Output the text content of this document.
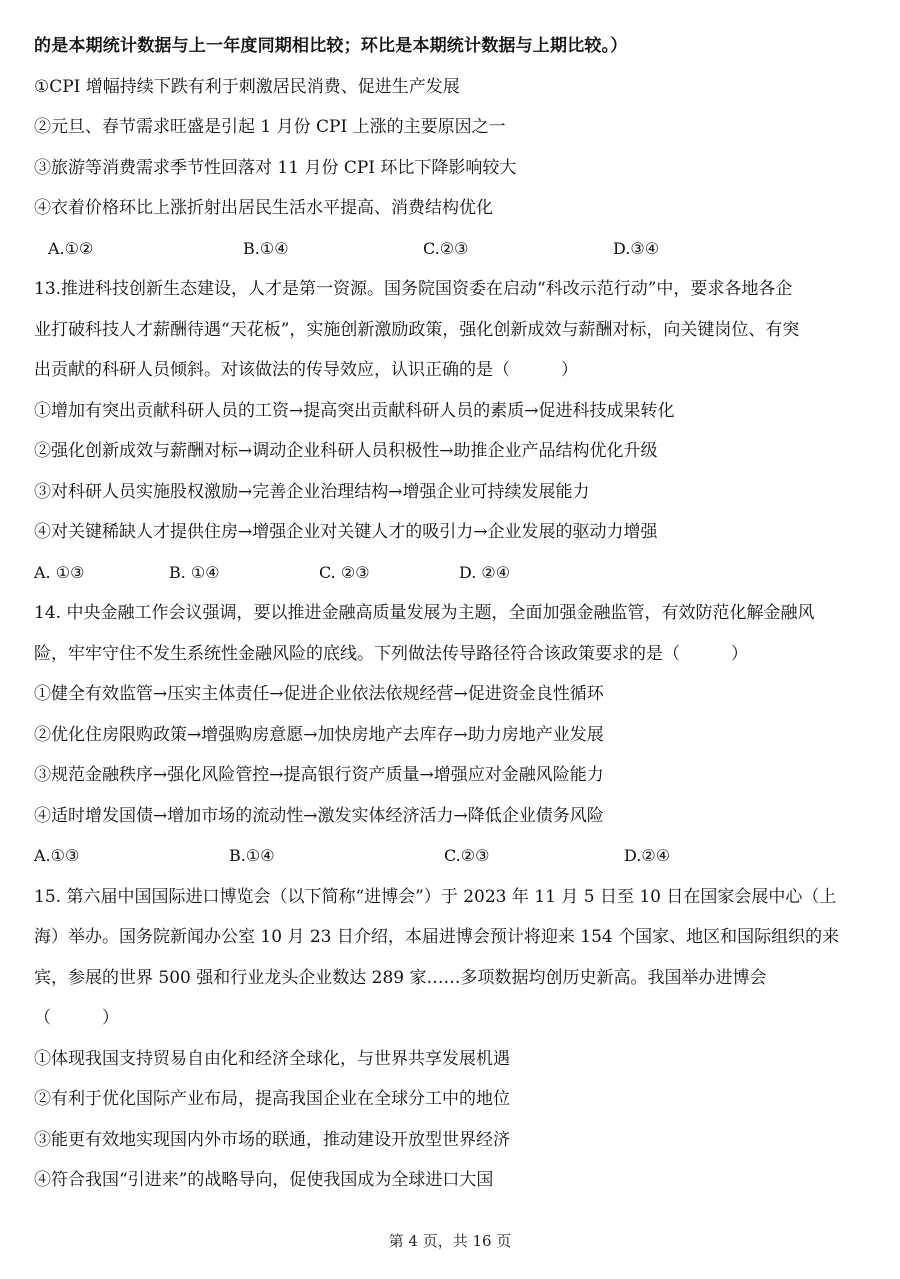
的是本期统计数据与上一年度同期相比较；环比是本期统计数据与上期比较。）
①CPI 增幅持续下跌有利于刺激居民消费、促进生产发展
②元旦、春节需求旺盛是引起 1 月份 CPI 上涨的主要原因之一
③旅游等消费需求季节性回落对 11 月份 CPI 环比下降影响较大
④衣着价格环比上涨折射出居民生活水平提高、消费结构优化
A.①②	B.①④	C.②③	D.③④
13.推进科技创新生态建设，人才是第一资源。国务院国资委在启动“科改示范行动”中，要求各地各企
业打破科技人才薪酬待遇“天花板”，实施创新激励政策，强化创新成效与薪酬对标，向关键岗位、有突
出贡献的科研人员倾斜。对该做法的传导效应，认识正确的是（　　　）
①增加有突出贡献科研人员的工资→提高突出贡献科研人员的素质→促进科技成果转化
②强化创新成效与薪酬对标→调动企业科研人员积极性→助推企业产品结构优化升级
③对科研人员实施股权激励→完善企业治理结构→增强企业可持续发展能力
④对关键稀缺人才提供住房→增强企业对关键人才的吸引力→企业发展的驱动力增强
A. ①③	B. ①④	C. ②③	D. ②④
14. 中央金融工作会议强调，要以推进金融高质量发展为主题，全面加强金融监管，有效防范化解金融风
险，牢牢守住不发生系统性金融风险的底线。下列做法传导路径符合该政策要求的是（　　　）
①健全有效监管→压实主体责任→促进企业依法依规经营→促进资金良性循环
②优化住房限购政策→增强购房意愿→加快房地产去库存→助力房地产业发展
③规范金融秩序→强化风险管控→提高银行资产质量→增强应对金融风险能力
④适时增发国债→增加市场的流动性→激发实体经济活力→降低企业债务风险
A.①③	B.①④	C.②③	D.②④
15. 第六届中国国际进口博览会（以下简称“进博会”）于 2023 年 11 月 5 日至 10 日在国家会展中心（上
海）举办。国务院新闻办公室 10 月 23 日介绍，本届进博会预计将迎来 154 个国家、地区和国际组织的来
宾，参展的世界 500 强和行业龙头企业数达 289 家……多项数据均创历史新高。我国举办进博会
（　　　）
①体现我国支持贸易自由化和经济全球化，与世界共享发展机遇
②有利于优化国际产业布局，提高我国企业在全球分工中的地位
③能更有效地实现国内外市场的联通，推动建设开放型世界经济
④符合我国“引进来”的战略导向，促使我国成为全球进口大国
第 4 页，共 16 页
